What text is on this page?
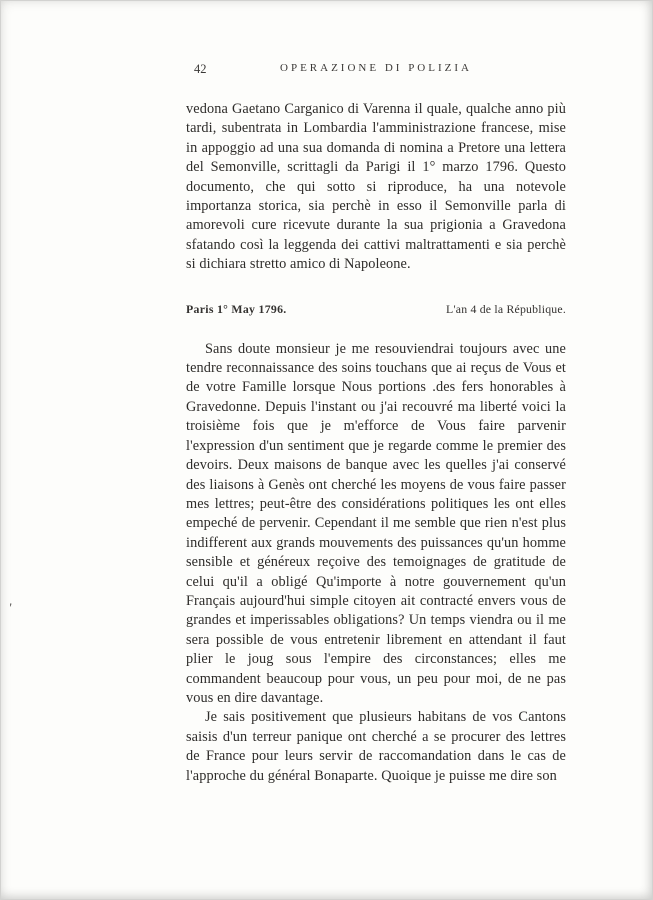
'
42	OPERAZIONE DI POLIZIA

vedona Gaetano Carganico di Varenna il quale, qualche anno più tardi, subentrata in Lombardia l'amministrazione francese, mise in appoggio ad una sua domanda di nomina a Pretore una lettera del Semonville, scrittagli da Parigi il 1° marzo 1796. Questo documento, che qui sotto si riproduce, ha una notevole importanza storica, sia perchè in esso il Semonville parla di amorevoli cure ricevute durante la sua prigionia a Gravedona sfatando così la leggenda dei cattivi maltrattamenti e sia perchè si dichiara stretto amico di Napoleone.

Paris 1° May 1796.	L'an 4 de la République.

Sans doute monsieur je me resouviendrai toujours avec une tendre reconnaissance des soins touchans que ai reçus de Vous et de votre Famille lorsque Nous portions .des fers honorables à Gravedonne. Depuis l'instant ou j'ai recouvré ma liberté voici la troisième fois que je m'efforce de Vous faire parvenir l'expression d'un sentiment que je regarde comme le premier des devoirs. Deux maisons de banque avec les quelles j'ai conservé des liaisons à Genès ont cherché les moyens de vous faire passer mes lettres; peut-être des considérations politiques les ont elles empeché de pervenir. Cependant il me semble que rien n'est plus indifferent aux grands mouvements des puissances qu'un homme sensible et généreux reçoive des temoignages de gratitude de celui qu'il a obligé Qu'importe à notre gouvernement qu'un Français aujourd'hui simple citoyen ait contracté envers vous de grandes et imperissables obligations? Un temps viendra ou il me sera possible de vous entretenir librement en attendant il faut plier le joug sous l'empire des circonstances; elles me commandent beaucoup pour vous, un peu pour moi, de ne pas vous en dire davantage.

Je sais positivement que plusieurs habitans de vos Cantons saisis d'un terreur panique ont cherché a se procurer des lettres de France pour leurs servir de raccomandation dans le cas de l'approche du général Bonaparte. Quoique je puisse me dire son
